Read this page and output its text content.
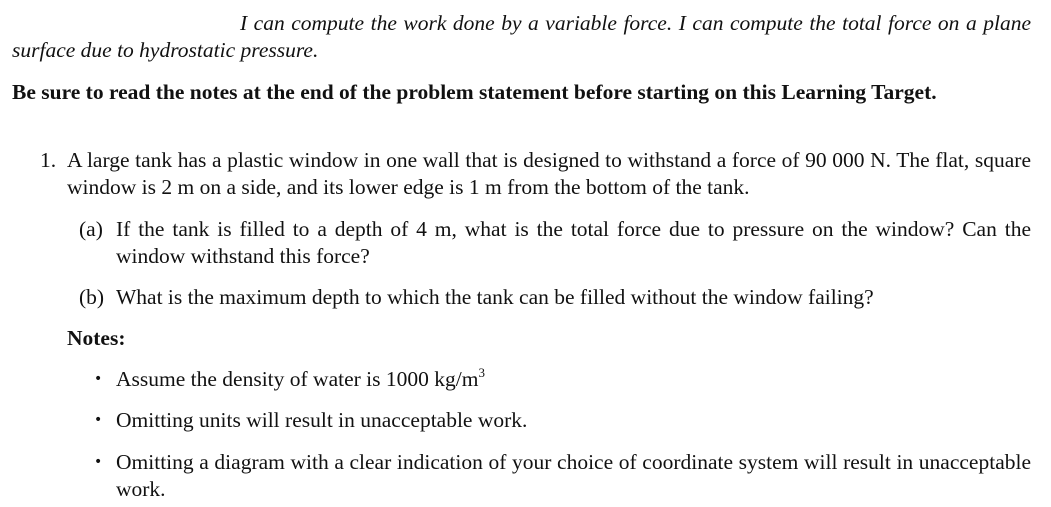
I can compute the work done by a variable force. I can compute the total force on a plane surface due to hydrostatic pressure.

Be sure to read the notes at the end of the problem statement before starting on this Learning Target.

1. A large tank has a plastic window in one wall that is designed to withstand a force of 90 000 N. The flat, square window is 2 m on a side, and its lower edge is 1 m from the bottom of the tank.

(a) If the tank is filled to a depth of 4 m, what is the total force due to pressure on the window? Can the window withstand this force?

(b) What is the maximum depth to which the tank can be filled without the window failing?

Notes:
• Assume the density of water is 1000 $kg/m^3$

• Omitting units will result in unacceptable work.

• Omitting a diagram with a clear indication of your choice of coordinate system will result in unacceptable work.
